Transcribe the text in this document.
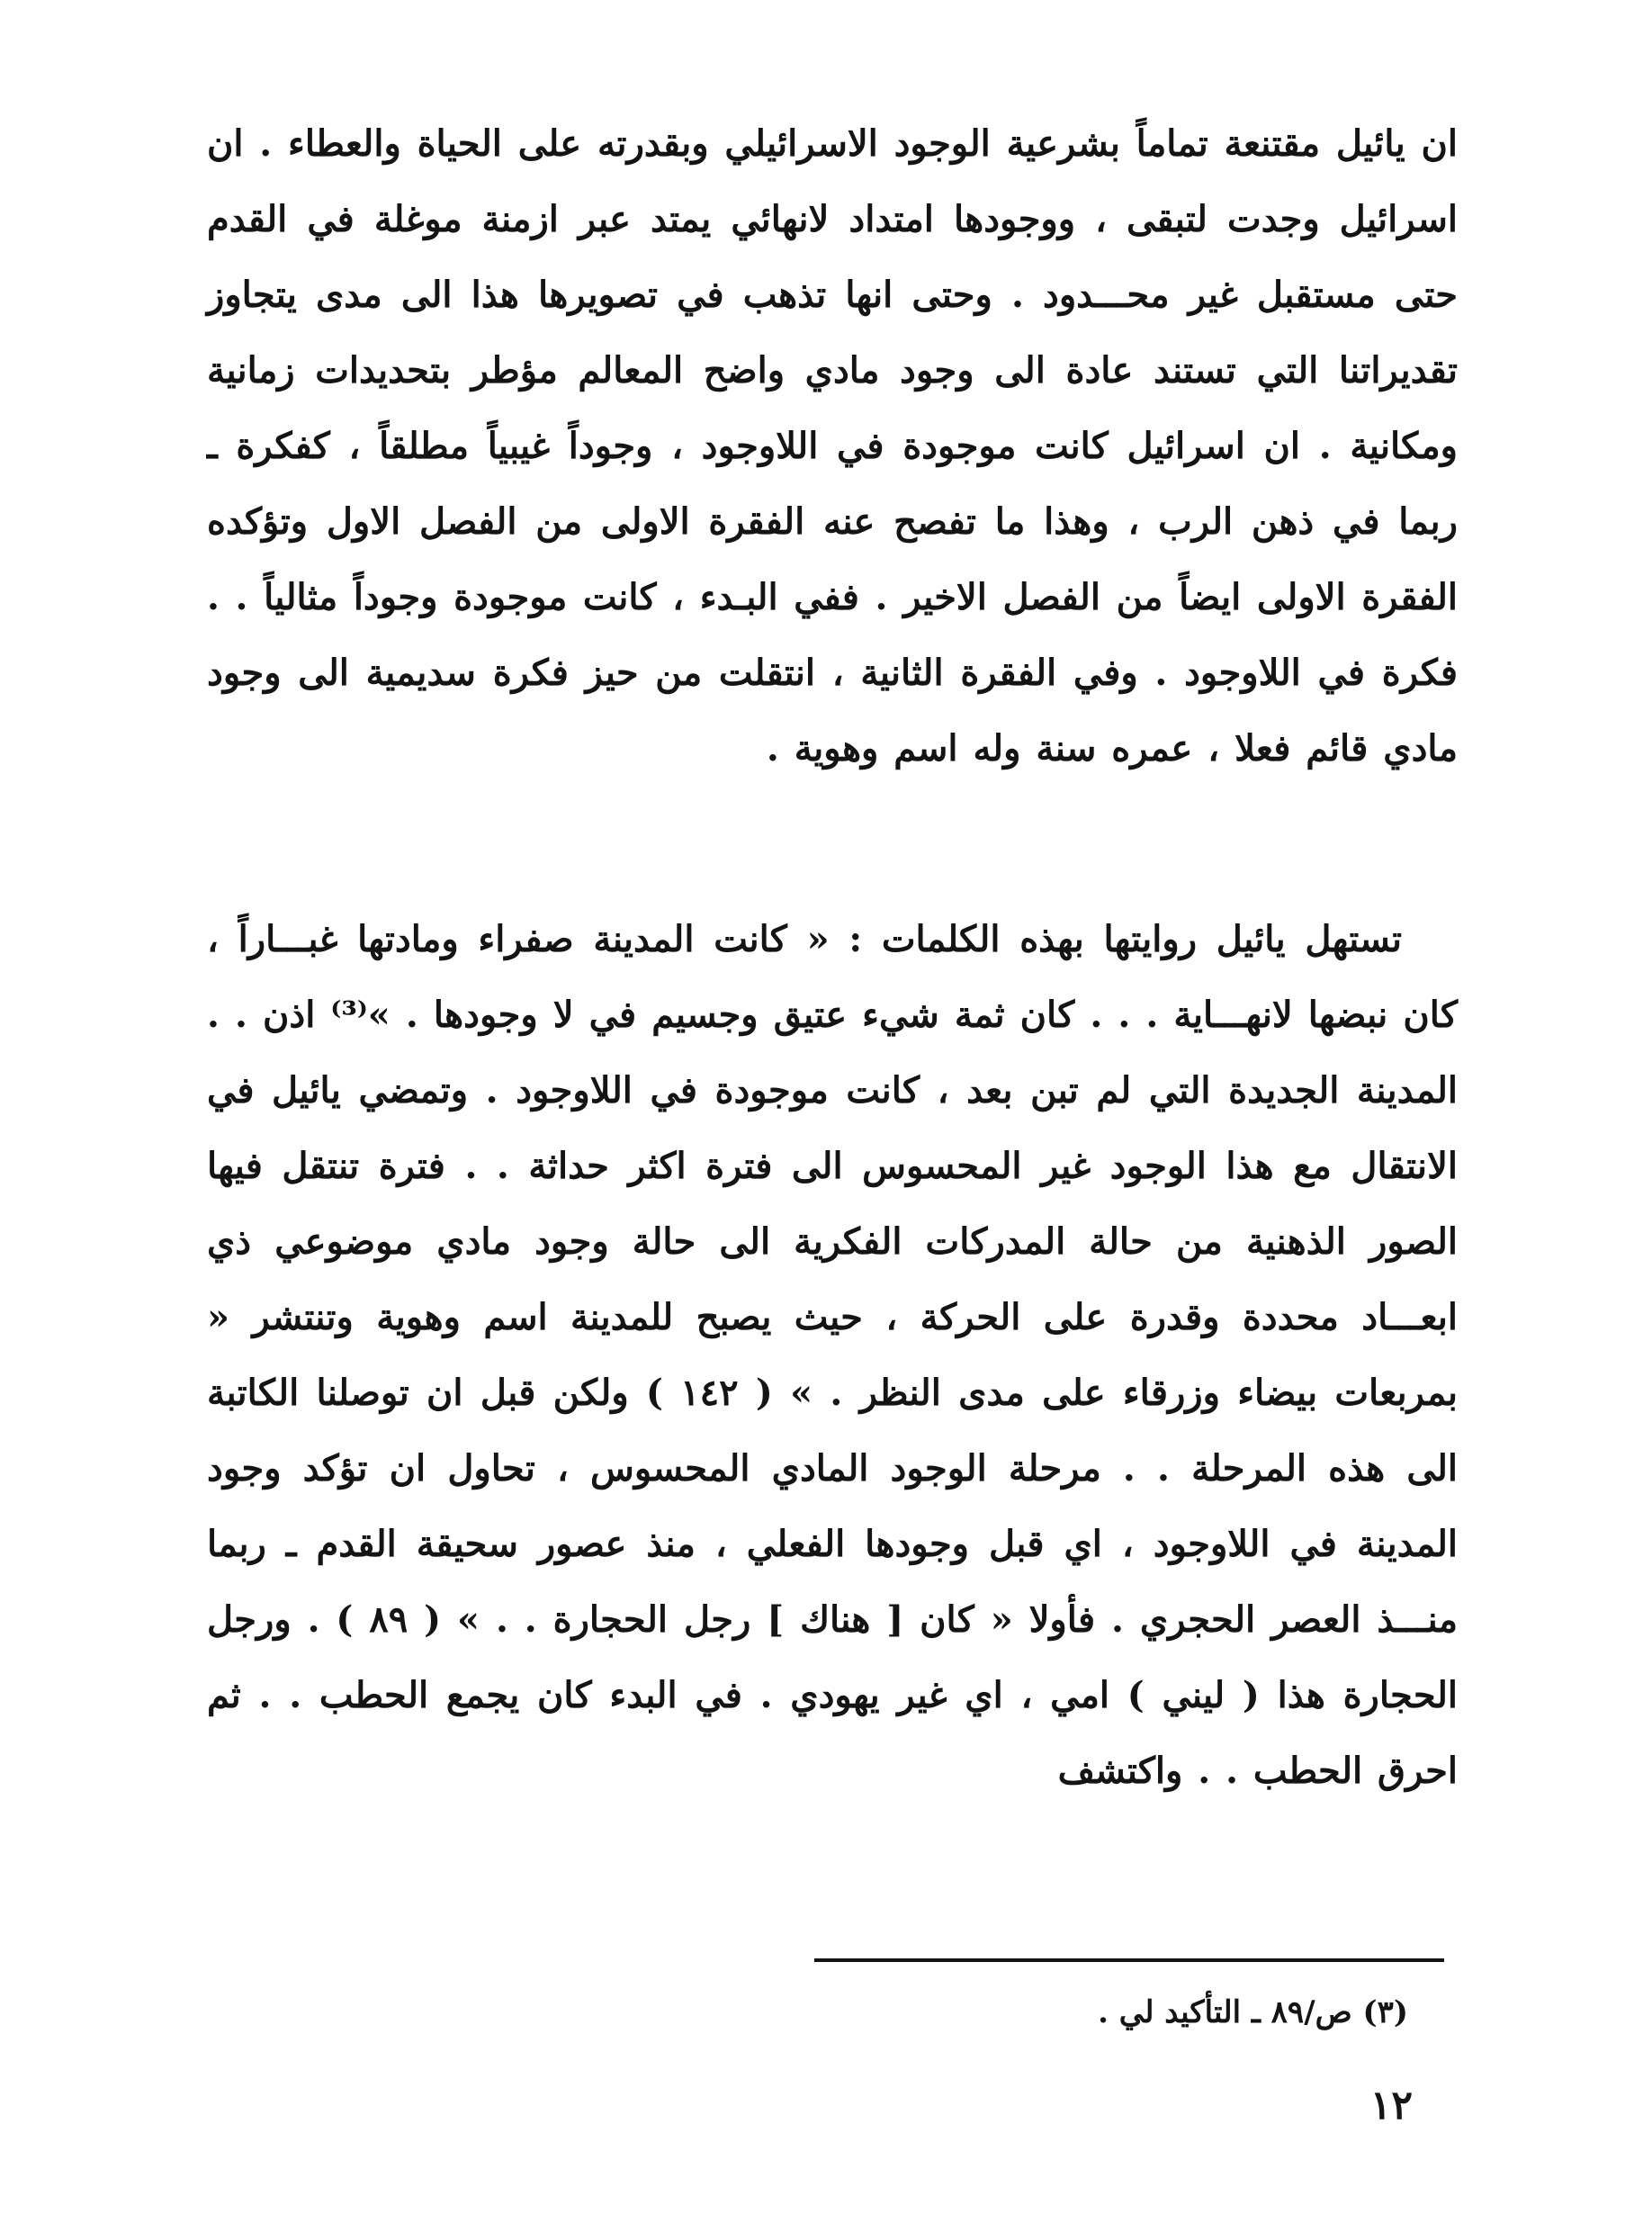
ان يائيل مقتنعة تماماً بشرعية الوجود الاسرائيلي وبقدرته على الحياة والعطاء . ان اسرائيل وجدت لتبقى ، ووجودها امتداد لانهائي يمتد عبر ازمنة موغلة في القدم حتى مستقبل غير محـــدود . وحتى انها تذهب في تصويرها هذا الى مدى يتجاوز تقديراتنا التي تستند عادة الى وجود مادي واضح المعالم مؤطر بتحديدات زمانية ومكانية . ان اسرائيل كانت موجودة في اللاوجود ، وجوداً غيبياً مطلقاً ، كفكرة ـ ربما في ذهن الرب ، وهذا ما تفصح عنه الفقرة الاولى من الفصل الاول وتؤكده الفقرة الاولى ايضاً من الفصل الاخير . ففي البـدء ، كانت موجودة وجوداً مثالياً . . فكرة في اللاوجود . وفي الفقرة الثانية ، انتقلت من حيز فكرة سديمية الى وجود مادي قائم فعلا ، عمره سنة وله اسم وهوية .

تستهل يائيل روايتها بهذه الكلمات : « كانت المدينة صفراء ومادتها غبـــاراً ، كان نبضها لانهـــاية . . . كان ثمة شيء عتيق وجسيم في لا وجودها . »⁽³⁾ اذن . . المدينة الجديدة التي لم تبن بعد ، كانت موجودة في اللاوجود . وتمضي يائيل في الانتقال مع هذا الوجود غير المحسوس الى فترة اكثر حداثة . . فترة تنتقل فيها الصور الذهنية من حالة المدركات الفكرية الى حالة وجود مادي موضوعي ذي ابعـــاد محددة وقدرة على الحركة ، حيث يصبح للمدينة اسم وهوية وتنتشر « بمربعات بيضاء وزرقاء على مدى النظر . » ( ١٤٢ ) ولكن قبل ان توصلنا الكاتبة الى هذه المرحلة . . مرحلة الوجود المادي المحسوس ، تحاول ان تؤكد وجود المدينة في اللاوجود ، اي قبل وجودها الفعلي ، منذ عصور سحيقة القدم ـ ربما منـــذ العصر الحجري . فأولا « كان [ هناك ] رجل الحجارة . . » ( ٨٩ ) . ورجل الحجارة هذا ( ليني ) امي ، اي غير يهودي . في البدء كان يجمع الحطب . . ثم احرق الحطب . . واكتشف

(٣) ص/٨٩ ـ التأكيد لي .

١٢
